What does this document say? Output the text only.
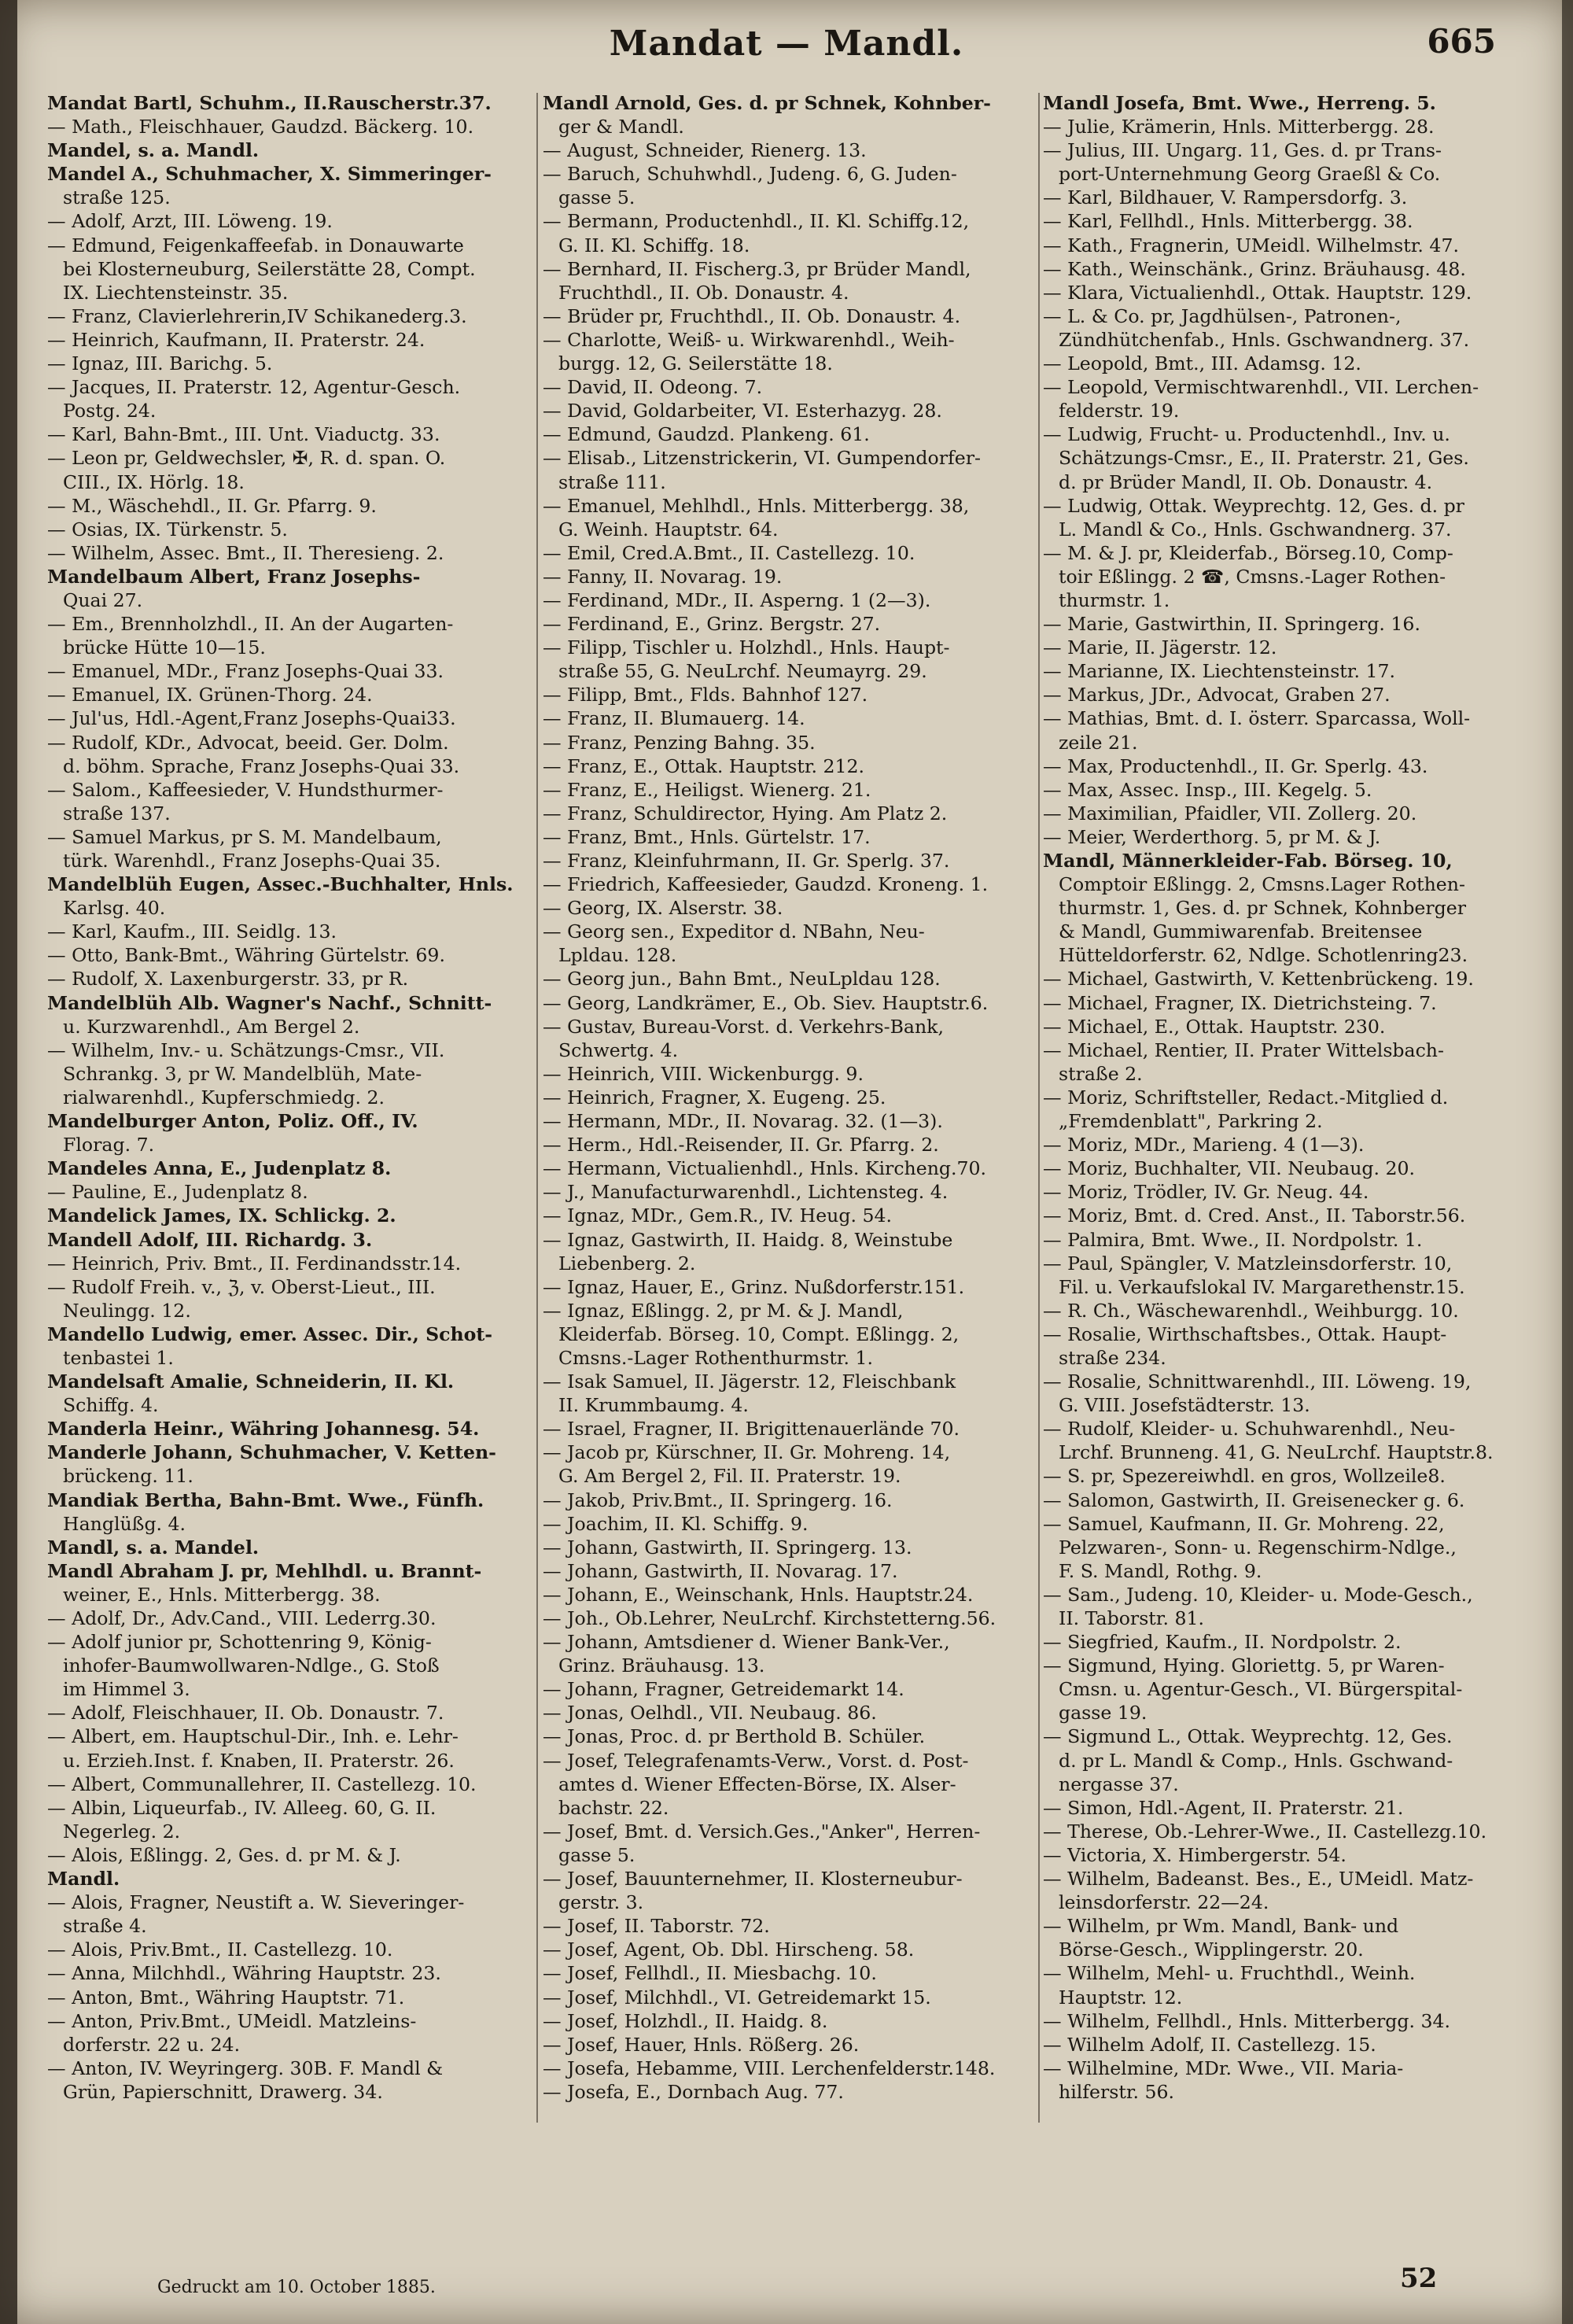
Mandat — Mandl.	665
Mandat Bartl, Schuhm., II.Rauscherstr.37.
— Math., Fleischhauer, Gaudzd. Bäckerg. 10.
Mandel, s. a. Mandl.
Mandel A., Schuhmacher, X. Simmeringer-
straße 125.
— Adolf, Arzt, III. Löweng. 19.
— Edmund, Feigenkaffeefab. in Donauwarte
bei Klosterneuburg, Seilerstätte 28, Compt.
IX. Liechtensteinstr. 35.
— Franz, Clavierlehrerin,IV Schikanederg.3.
— Heinrich, Kaufmann, II. Praterstr. 24.
— Ignaz, III. Barichg. 5.
— Jacques, II. Praterstr. 12, Agentur-Gesch.
Postg. 24.
— Karl, Bahn-Bmt., III. Unt. Viaductg. 33.
— Leon pr, Geldwechsler, ✠, R. d. span. O.
CIII., IX. Hörlg. 18.
— M., Wäschehdl., II. Gr. Pfarrg. 9.
— Osias, IX. Türkenstr. 5.
— Wilhelm, Assec. Bmt., II. Theresieng. 2.
Mandelbaum Albert, Franz Josephs-
Quai 27.
— Em., Brennholzhdl., II. An der Augarten-
brücke Hütte 10—15.
— Emanuel, MDr., Franz Josephs-Quai 33.
— Emanuel, IX. Grünen-Thorg. 24.
— Jul'us, Hdl.-Agent,Franz Josephs-Quai33.
— Rudolf, KDr., Advocat, beeid. Ger. Dolm.
d. böhm. Sprache, Franz Josephs-Quai 33.
— Salom., Kaffeesieder, V. Hundsthurmer-
straße 137.
— Samuel Markus, pr S. M. Mandelbaum,
türk. Warenhdl., Franz Josephs-Quai 35.
Mandelblüh Eugen, Assec.-Buchhalter, Hnls.
Karlsg. 40.
— Karl, Kaufm., III. Seidlg. 13.
— Otto, Bank-Bmt., Währing Gürtelstr. 69.
— Rudolf, X. Laxenburgerstr. 33, pr R.
Mandelblüh Alb. Wagner's Nachf., Schnitt-
u. Kurzwarenhdl., Am Bergel 2.
— Wilhelm, Inv.- u. Schätzungs-Cmsr., VII.
Schrankg. 3, pr W. Mandelblüh, Mate-
rialwarenhdl., Kupferschmiedg. 2.
Mandelburger Anton, Poliz. Off., IV.
Florag. 7.
Mandeles Anna, E., Judenplatz 8.
— Pauline, E., Judenplatz 8.
Mandelick James, IX. Schlickg. 2.
Mandell Adolf, III. Richardg. 3.
— Heinrich, Priv. Bmt., II. Ferdinandsstr.14.
— Rudolf Freih. v., ℨ, v. Oberst-Lieut., III.
Neulingg. 12.
Mandello Ludwig, emer. Assec. Dir., Schot-
tenbastei 1.
Mandelsaft Amalie, Schneiderin, II. Kl.
Schiffg. 4.
Manderla Heinr., Währing Johannesg. 54.
Manderle Johann, Schuhmacher, V. Ketten-
brückeng. 11.
Mandiak Bertha, Bahn-Bmt. Wwe., Fünfh.
Hanglüßg. 4.
Mandl, s. a. Mandel.
Mandl Abraham J. pr, Mehlhdl. u. Brannt-
weiner, E., Hnls. Mitterbergg. 38.
— Adolf, Dr., Adv.Cand., VIII. Lederrg.30.
— Adolf junior pr, Schottenring 9, König-
inhofer-Baumwollwaren-Ndlge., G. Stoß
im Himmel 3.
— Adolf, Fleischhauer, II. Ob. Donaustr. 7.
— Albert, em. Hauptschul-Dir., Inh. e. Lehr-
u. Erzieh.Inst. f. Knaben, II. Praterstr. 26.
— Albert, Communallehrer, II. Castellezg. 10.
— Albin, Liqueurfab., IV. Alleeg. 60, G. II.
Negerleg. 2.
— Alois, Eßlingg. 2, Ges. d. pr M. & J.
Mandl.
— Alois, Fragner, Neustift a. W. Sieveringer-
straße 4.
— Alois, Priv.Bmt., II. Castellezg. 10.
— Anna, Milchhdl., Währing Hauptstr. 23.
— Anton, Bmt., Währing Hauptstr. 71.
— Anton, Priv.Bmt., UMeidl. Matzleins-
dorferstr. 22 u. 24.
— Anton, IV. Weyringerg. 30B. F. Mandl &
Grün, Papierschnitt, Drawerg. 34.
Mandl Arnold, Ges. d. pr Schnek, Kohnber-
ger & Mandl.
— August, Schneider, Rienerg. 13.
— Baruch, Schuhwhdl., Judeng. 6, G. Juden-
gasse 5.
— Bermann, Productenhdl., II. Kl. Schiffg.12,
G. II. Kl. Schiffg. 18.
— Bernhard, II. Fischerg.3, pr Brüder Mandl,
Fruchthdl., II. Ob. Donaustr. 4.
— Brüder pr, Fruchthdl., II. Ob. Donaustr. 4.
— Charlotte, Weiß- u. Wirkwarenhdl., Weih-
burgg. 12, G. Seilerstätte 18.
— David, II. Odeong. 7.
— David, Goldarbeiter, VI. Esterhazyg. 28.
— Edmund, Gaudzd. Plankeng. 61.
— Elisab., Litzenstrickerin, VI. Gumpendorfer-
straße 111.
— Emanuel, Mehlhdl., Hnls. Mitterbergg. 38,
G. Weinh. Hauptstr. 64.
— Emil, Cred.A.Bmt., II. Castellezg. 10.
— Fanny, II. Novarag. 19.
— Ferdinand, MDr., II. Asperng. 1 (2—3).
— Ferdinand, E., Grinz. Bergstr. 27.
— Filipp, Tischler u. Holzhdl., Hnls. Haupt-
straße 55, G. NeuLrchf. Neumayrg. 29.
— Filipp, Bmt., Flds. Bahnhof 127.
— Franz, II. Blumauerg. 14.
— Franz, Penzing Bahng. 35.
— Franz, E., Ottak. Hauptstr. 212.
— Franz, E., Heiligst. Wienerg. 21.
— Franz, Schuldirector, Hying. Am Platz 2.
— Franz, Bmt., Hnls. Gürtelstr. 17.
— Franz, Kleinfuhrmann, II. Gr. Sperlg. 37.
— Friedrich, Kaffeesieder, Gaudzd. Kroneng. 1.
— Georg, IX. Alserstr. 38.
— Georg sen., Expeditor d. NBahn, Neu-
Lpldau. 128.
— Georg jun., Bahn Bmt., NeuLpldau 128.
— Georg, Landkrämer, E., Ob. Siev. Hauptstr.6.
— Gustav, Bureau-Vorst. d. Verkehrs-Bank,
Schwertg. 4.
— Heinrich, VIII. Wickenburgg. 9.
— Heinrich, Fragner, X. Eugeng. 25.
— Hermann, MDr., II. Novarag. 32. (1—3).
— Herm., Hdl.-Reisender, II. Gr. Pfarrg. 2.
— Hermann, Victualienhdl., Hnls. Kircheng.70.
— J., Manufacturwarenhdl., Lichtensteg. 4.
— Ignaz, MDr., Gem.R., IV. Heug. 54.
— Ignaz, Gastwirth, II. Haidg. 8, Weinstube
Liebenberg. 2.
— Ignaz, Hauer, E., Grinz. Nußdorferstr.151.
— Ignaz, Eßlingg. 2, pr M. & J. Mandl,
Kleiderfab. Börseg. 10, Compt. Eßlingg. 2,
Cmsns.-Lager Rothenthurmstr. 1.
— Isak Samuel, II. Jägerstr. 12, Fleischbank
II. Krummbaumg. 4.
— Israel, Fragner, II. Brigittenauerlände 70.
— Jacob pr, Kürschner, II. Gr. Mohreng. 14,
G. Am Bergel 2, Fil. II. Praterstr. 19.
— Jakob, Priv.Bmt., II. Springerg. 16.
— Joachim, II. Kl. Schiffg. 9.
— Johann, Gastwirth, II. Springerg. 13.
— Johann, Gastwirth, II. Novarag. 17.
— Johann, E., Weinschank, Hnls. Hauptstr.24.
— Joh., Ob.Lehrer, NeuLrchf. Kirchstetterng.56.
— Johann, Amtsdiener d. Wiener Bank-Ver.,
Grinz. Bräuhausg. 13.
— Johann, Fragner, Getreidemarkt 14.
— Jonas, Oelhdl., VII. Neubaug. 86.
— Jonas, Proc. d. pr Berthold B. Schüler.
— Josef, Telegrafenamts-Verw., Vorst. d. Post-
amtes d. Wiener Effecten-Börse, IX. Alser-
bachstr. 22.
— Josef, Bmt. d. Versich.Ges.,"Anker", Herren-
gasse 5.
— Josef, Bauunternehmer, II. Klosterneubur-
gerstr. 3.
— Josef, II. Taborstr. 72.
— Josef, Agent, Ob. Dbl. Hirscheng. 58.
— Josef, Fellhdl., II. Miesbachg. 10.
— Josef, Milchhdl., VI. Getreidemarkt 15.
— Josef, Holzhdl., II. Haidg. 8.
— Josef, Hauer, Hnls. Rößerg. 26.
— Josefa, Hebamme, VIII. Lerchenfelderstr.148.
— Josefa, E., Dornbach Aug. 77.
Mandl Josefa, Bmt. Wwe., Herreng. 5.
— Julie, Krämerin, Hnls. Mitterbergg. 28.
— Julius, III. Ungarg. 11, Ges. d. pr Trans-
port-Unternehmung Georg Graeßl & Co.
— Karl, Bildhauer, V. Rampersdorfg. 3.
— Karl, Fellhdl., Hnls. Mitterbergg. 38.
— Kath., Fragnerin, UMeidl. Wilhelmstr. 47.
— Kath., Weinschänk., Grinz. Bräuhausg. 48.
— Klara, Victualienhdl., Ottak. Hauptstr. 129.
— L. & Co. pr, Jagdhülsen-, Patronen-,
Zündhütchenfab., Hnls. Gschwandnerg. 37.
— Leopold, Bmt., III. Adamsg. 12.
— Leopold, Vermischtwarenhdl., VII. Lerchen-
felderstr. 19.
— Ludwig, Frucht- u. Productenhdl., Inv. u.
Schätzungs-Cmsr., E., II. Praterstr. 21, Ges.
d. pr Brüder Mandl, II. Ob. Donaustr. 4.
— Ludwig, Ottak. Weyprechtg. 12, Ges. d. pr
L. Mandl & Co., Hnls. Gschwandnerg. 37.
— M. & J. pr, Kleiderfab., Börseg.10, Comp-
toir Eßlingg. 2 ☎, Cmsns.-Lager Rothen-
thurmstr. 1.
— Marie, Gastwirthin, II. Springerg. 16.
— Marie, II. Jägerstr. 12.
— Marianne, IX. Liechtensteinstr. 17.
— Markus, JDr., Advocat, Graben 27.
— Mathias, Bmt. d. I. österr. Sparcassa, Woll-
zeile 21.
— Max, Productenhdl., II. Gr. Sperlg. 43.
— Max, Assec. Insp., III. Kegelg. 5.
— Maximilian, Pfaidler, VII. Zollerg. 20.
— Meier, Werderthorg. 5, pr M. & J.
Mandl, Männerkleider-Fab. Börseg. 10,
Comptoir Eßlingg. 2, Cmsns.Lager Rothen-
thurmstr. 1, Ges. d. pr Schnek, Kohnberger
& Mandl, Gummiwarenfab. Breitensee
Hütteldorferstr. 62, Ndlge. Schotlenring23.
— Michael, Gastwirth, V. Kettenbrückeng. 19.
— Michael, Fragner, IX. Dietrichsteing. 7.
— Michael, E., Ottak. Hauptstr. 230.
— Michael, Rentier, II. Prater Wittelsbach-
straße 2.
— Moriz, Schriftsteller, Redact.-Mitglied d.
„Fremdenblatt", Parkring 2.
— Moriz, MDr., Marieng. 4 (1—3).
— Moriz, Buchhalter, VII. Neubaug. 20.
— Moriz, Trödler, IV. Gr. Neug. 44.
— Moriz, Bmt. d. Cred. Anst., II. Taborstr.56.
— Palmira, Bmt. Wwe., II. Nordpolstr. 1.
— Paul, Spängler, V. Matzleinsdorferstr. 10,
Fil. u. Verkaufslokal IV. Margarethenstr.15.
— R. Ch., Wäschewarenhdl., Weihburgg. 10.
— Rosalie, Wirthschaftsbes., Ottak. Haupt-
straße 234.
— Rosalie, Schnittwarenhdl., III. Löweng. 19,
G. VIII. Josefstädterstr. 13.
— Rudolf, Kleider- u. Schuhwarenhdl., Neu-
Lrchf. Brunneng. 41, G. NeuLrchf. Hauptstr.8.
— S. pr, Spezereiwhdl. en gros, Wollzeile8.
— Salomon, Gastwirth, II. Greisenecker g. 6.
— Samuel, Kaufmann, II. Gr. Mohreng. 22,
Pelzwaren-, Sonn- u. Regenschirm-Ndlge.,
F. S. Mandl, Rothg. 9.
— Sam., Judeng. 10, Kleider- u. Mode-Gesch.,
II. Taborstr. 81.
— Siegfried, Kaufm., II. Nordpolstr. 2.
— Sigmund, Hying. Gloriettg. 5, pr Waren-
Cmsn. u. Agentur-Gesch., VI. Bürgerspital-
gasse 19.
— Sigmund L., Ottak. Weyprechtg. 12, Ges.
d. pr L. Mandl & Comp., Hnls. Gschwand-
nergasse 37.
— Simon, Hdl.-Agent, II. Praterstr. 21.
— Therese, Ob.-Lehrer-Wwe., II. Castellezg.10.
— Victoria, X. Himbergerstr. 54.
— Wilhelm, Badeanst. Bes., E., UMeidl. Matz-
leinsdorferstr. 22—24.
— Wilhelm, pr Wm. Mandl, Bank- und
Börse-Gesch., Wipplingerstr. 20.
— Wilhelm, Mehl- u. Fruchthdl., Weinh.
Hauptstr. 12.
— Wilhelm, Fellhdl., Hnls. Mitterbergg. 34.
— Wilhelm Adolf, II. Castellezg. 15.
— Wilhelmine, MDr. Wwe., VII. Maria-
hilferstr. 56.
Gedruckt am 10. October 1885.	52
